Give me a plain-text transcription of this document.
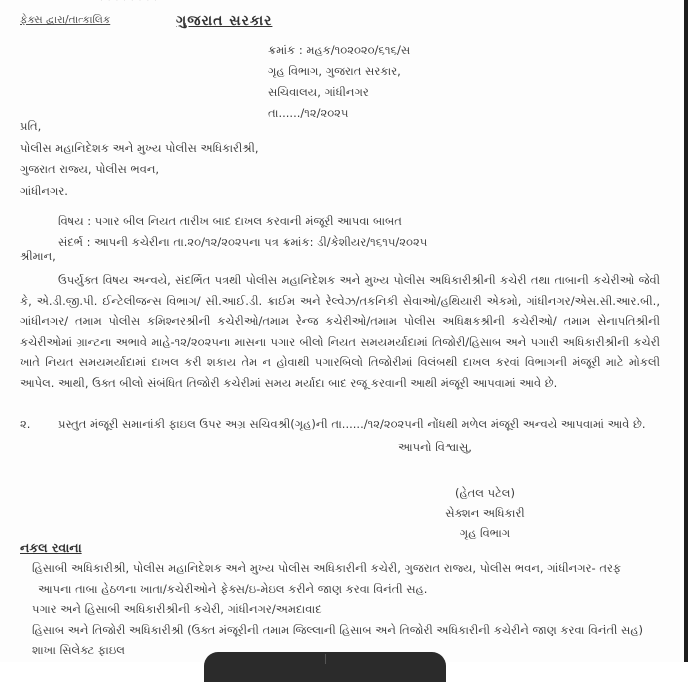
· · · · · · · ·
ફેક્સ દ્વારા/તાત્કાલિક	ગુજરાત સરકાર
ક્રમાંક : મહક/૧૦૨૦૨૦/૬૧૬/સ
ગૃહ વિભાગ, ગુજરાત સરકાર,
સચિવાલય, ગાંધીનગર
તા....../૧૨/૨૦૨૫
પ્રતિ,
પોલીસ મહાનિદેશક અને મુખ્ય પોલીસ અધિકારીશ્રી,
ગુજરાત રાજ્ય, પોલીસ ભવન,
ગાંધીનગર.
વિષય : પગાર બીલ નિયત તારીખ બાદ દાખલ કરવાની મંજૂરી આપવા બાબત
સંદર્ભ : આપની કચેરીના તા.૨૦/૧૨/૨૦૨૫ના પત્ર ક્રમાંક: ડી/કેશીયર/૧૬૧૫/૨૦૨૫
શ્રીમાન,
ઉપર્યુક્ત વિષય અન્વયે, સંદર્ભિત પત્રથી પોલીસ મહાનિદેશક અને મુખ્ય પોલીસ અધિકારીશ્રીની કચેરી તથા તાબાની કચેરીઓ જેવી કે, એ.ડી.જી.પી. ઈન્ટેલીજન્સ વિભાગ/ સી.આઈ.ડી. ક્રાઈમ અને રેલ્વેઝ/તકનિકી સેવાઓ/હથિયારી એકમો, ગાંધીનગર/એસ.સી.આર.બી., ગાંધીનગર/ તમામ પોલીસ કમિશ્નરશ્રીની કચેરીઓ/તમામ રેન્જ કચેરીઓ/તમામ પોલીસ અધિક્ષકશ્રીની કચેરીઓ/ તમામ સેનાપતિશ્રીની કચેરીઓમાં ગ્રાન્ટના અભાવે માહે-૧૨/૨૦૨૫ના માસના પગાર બીલો નિયત સમયમર્યાદામાં તિજોરી/હિસાબ અને પગારી અધિકારીશ્રીની કચેરી ખાતે નિયત સમયમર્યાદામાં દાખલ કરી શકાય તેમ ન હોવાથી પગારબિલો તિજોરીમાં વિલંબથી દાખલ કરવાં વિભાગની મંજૂરી માટે મોકલી આપેલ. આથી, ઉક્ત બીલો સંબંધિત તિજોરી કચેરીમાં સમય મર્યાદા બાદ રજૂ કરવાની આથી મંજૂરી આપવામાં આવે છે.
૨. પ્રસ્તુત મંજૂરી સમાનાંકી ફાઇલ ઉપર અગ્ર સચિવશ્રી(ગૃહ)ની તા....../૧૨/૨૦૨૫ની નોંધથી મળેલ મંજૂરી અન્વયે આપવામાં આવે છે.
આપનો વિશ્વાસુ,
(હેતલ પટેલ)
સેક્શન અધિકારી
ગૃહ વિભાગ
નકલ રવાના
હિસાબી અધિકારીશ્રી, પોલીસ મહાનિદેશક અને મુખ્ય પોલીસ અધિકારીની કચેરી, ગુજરાત રાજ્ય, પોલીસ ભવન, ગાંધીનગર- તરફ
આપના તાબા હેઠળના ખાતા/કચેરીઓને ફેક્સ/ઇ-મેઇલ કરીને જાણ કરવા વિનંતી સહ.
પગાર અને હિસાબી અધિકારીશ્રીની કચેરી, ગાંધીનગર/અમદાવાદ
હિસાબ અને તિજોરી અધિકારીશ્રી (ઉક્ત મંજૂરીની તમામ જિલ્લાની હિસાબ અને તિજોરી અધિકારીની કચેરીને જાણ કરવા વિનંતી સહ)
શાખા સિલેક્ટ ફાઇલ
